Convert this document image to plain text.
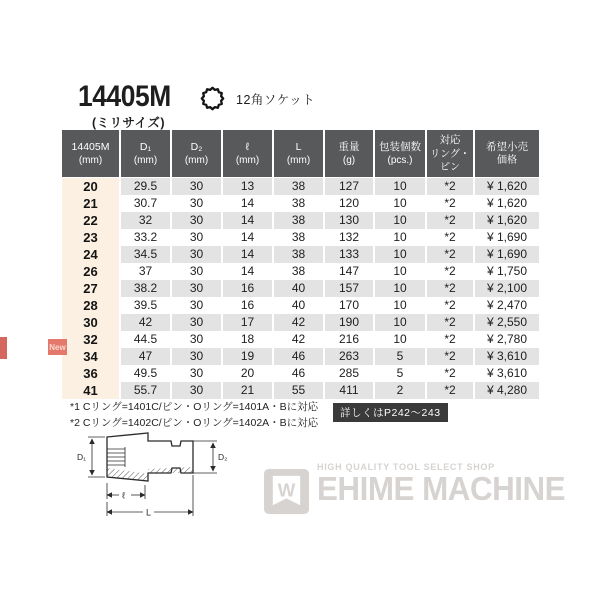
14405M
(ミリサイズ)
12角ソケット
14405M
(mm)

D₁
(mm)

D₂
(mm)

ℓ
(mm)

L
(mm)

重量
(g)

包装個数
(pcs.)

対応
リング・ピン

希望小売
価格

20	29.5	30	13	38	127	10	*2	¥ 1,620
21	30.7	30	14	38	120	10	*2	¥ 1,620
22	32	30	14	38	130	10	*2	¥ 1,620
23	33.2	30	14	38	132	10	*2	¥ 1,690
24	34.5	30	14	38	133	10	*2	¥ 1,690
26	37	30	14	38	147	10	*2	¥ 1,750
27	38.2	30	16	40	157	10	*2	¥ 2,100
28	39.5	30	16	40	170	10	*2	¥ 2,470
30	42	30	17	42	190	10	*2	¥ 2,550
32	44.5	30	18	42	216	10	*2	¥ 2,780
34	47	30	19	46	263	5	*2	¥ 3,610
36	49.5	30	20	46	285	5	*2	¥ 3,610
41	55.7	30	21	55	411	2	*2	¥ 4,280
New

*1 Cリング=1401C/ピン・Oリング=1401A・Bに対応

*2 Cリング=1402C/ピン・Oリング=1402A・Bに対応

詳しくはP242～243
D₁	D₂
ℓ
L
W
HIGH QUALITY TOOL SELECT SHOP
EHIME MACHINE
